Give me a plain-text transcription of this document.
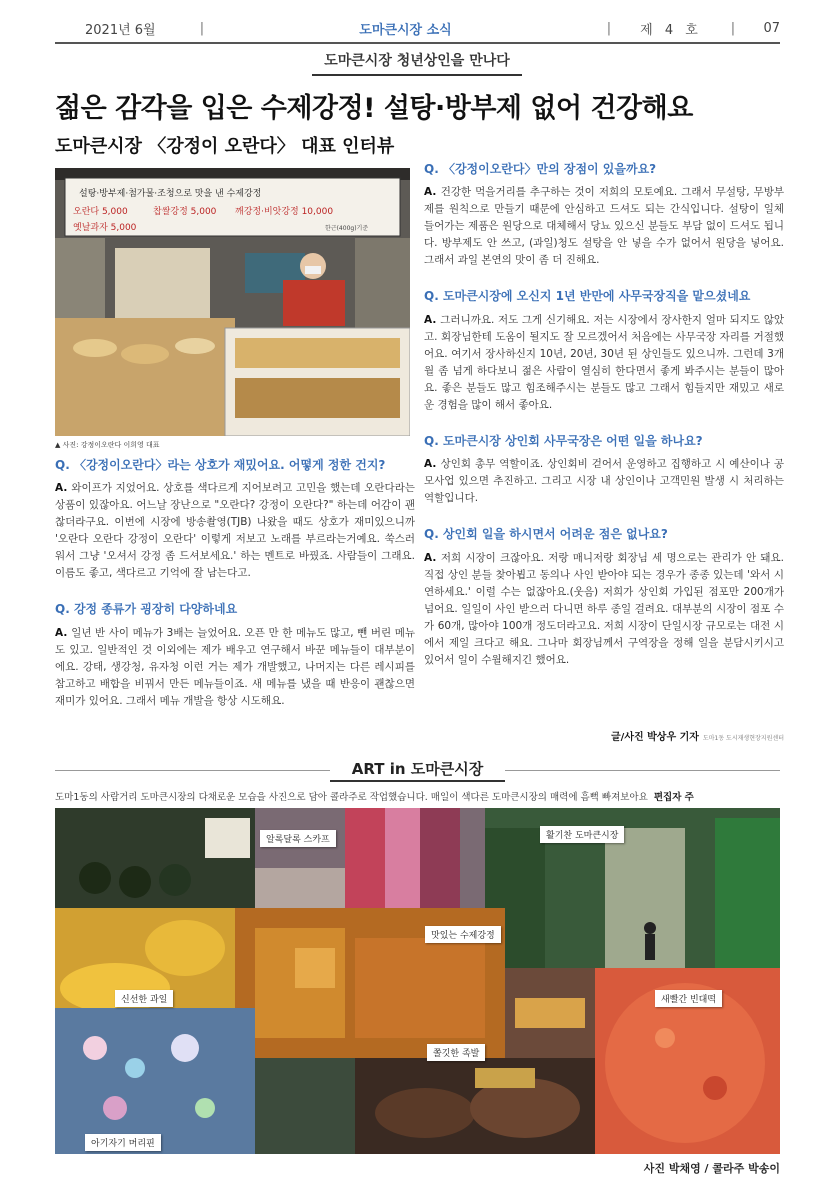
2021년 6월	|	도마큰시장 소식	|	제 4 호	|	07
도마큰시장 청년상인을 만나다
젊은 감각을 입은 수제강정! 설탕·방부제 없어 건강해요
도마큰시장 〈강정이 오란다〉 대표 인터뷰
설탕·방부제·첨가물·조청으로 맛을 낸 수제강정
오란다 5,000	찹쌀강정 5,000 깨강정·비앗강정 10,000
옛날과자 5,000	한근(400g)기준
▲ 사진: 강정이오란다 이희영 대표
Q. 〈강정이오란다〉라는 상호가 재밌어요. 어떻게 정한 건지?

A. 와이프가 지었어요. 상호를 색다르게 지어보려고 고민을 했는데 오란다라는 상품이 있잖아요. 어느날 장난으로 "오란다? 강정이 오란다?" 하는데 어감이 괜찮더라구요. 이번에 시장에 방송촬영(TJB) 나왔을 때도 상호가 재미있으니까 '오란다 오란다 강정이 오란다' 이렇게 저보고 노래를 부르라는거예요. 쑥스러워서 그냥 '오셔서 강정 좀 드셔보세요.' 하는 멘트로 바꿨죠. 사람들이 그래요. 이름도 좋고, 색다르고 기억에 잘 남는다고.

Q. 강정 종류가 굉장히 다양하네요

A. 일년 반 사이 메뉴가 3배는 늘었어요. 오픈 만 한 메뉴도 많고, 뺀 버린 메뉴도 있고. 일반적인 것 이외에는 제가 배우고 연구해서 바꾼 메뉴들이 대부분이에요. 강태, 생강청, 유자청 이런 거는 제가 개발했고, 나머지는 다른 레시피를 참고하고 배합을 비꿔서 만든 메뉴들이죠. 새 메뉴를 냈을 때 반응이 괜찮으면 재미가 있어요. 그래서 메뉴 개발을 항상 시도해요.

Q. 〈강정이오란다〉만의 장점이 있을까요?

A. 건강한 먹을거리를 추구하는 것이 저희의 모토예요. 그래서 무설탕, 무방부제를 원칙으로 만들기 때문에 안심하고 드셔도 되는 간식입니다. 설탕이 일체 들어가는 제품은 원당으로 대체해서 당뇨 있으신 분들도 부담 없이 드셔도 됩니다. 방부제도 안 쓰고, (과일)청도 설탕을 안 넣을 수가 없어서 원당을 넣어요. 그래서 과일 본연의 맛이 좀 더 진해요.

Q. 도마큰시장에 오신지 1년 반만에 사무국장직을 맡으셨네요

A. 그러니까요. 저도 그게 신기해요. 저는 시장에서 장사한지 얼마 되지도 않았고. 회장님한테 도움이 될지도 잘 모르겠어서 처음에는 사무국장 자리를 거절했어요. 여기서 장사하신지 10년, 20년, 30년 된 상인들도 있으니까. 그런데 3개월 좀 넘게 하다보니 젊은 사람이 열심히 한다면서 좋게 봐주시는 분들이 많아요. 좋은 분들도 많고 힘조해주시는 분들도 많고 그래서 힘들지만 재밌고 새로운 경험을 많이 해서 좋아요.

Q. 도마큰시장 상인회 사무국장은 어떤 일을 하나요?

A. 상인회 총무 역할이죠. 상인회비 걷어서 운영하고 집행하고 시 예산이나 공모사업 있으면 추진하고. 그리고 시장 내 상인이나 고객민원 발생 시 처리하는 역할입니다.

Q. 상인회 일을 하시면서 어려운 점은 없나요?

A. 저희 시장이 크잖아요. 저랑 매니저랑 회장님 세 명으로는 관리가 안 돼요. 직접 상인 분들 찾아뵙고 동의나 사인 받아야 되는 경우가 종종 있는데 '와서 시연하세요.' 이럴 수는 없잖아요.(웃음) 저희가 상인회 가입된 점포만 200개가 넘어요. 일일이 사인 받으러 다니면 하루 종일 걸려요. 대부분의 시장이 점포 수가 60개, 많아야 100개 정도더라고요. 저희 시장이 단일시장 규모로는 대전 시에서 제일 크다고 해요. 그나마 회장님께서 구역장을 정해 일을 분담시키시고 있어서 일이 수월해지긴 했어요.

글/사진 박상우 기자 도마1동 도시재생현장지원센터
ART in 도마큰시장
도마1동의 사람거리 도마큰시장의 다채로운 모습을 사진으로 담아 콜라주로 작업했습니다. 매일이 색다른 도마큰시장의 매력에 흠뻑 빠져보아요 편집자 주
알록달록 스카프	활기찬 도마큰시장
맛있는 수제강정
신선한 과일	새빨간 빈대떡
쫄깃한 족발
아기자기 머리핀
사진 박채영 / 콜라주 박송이
